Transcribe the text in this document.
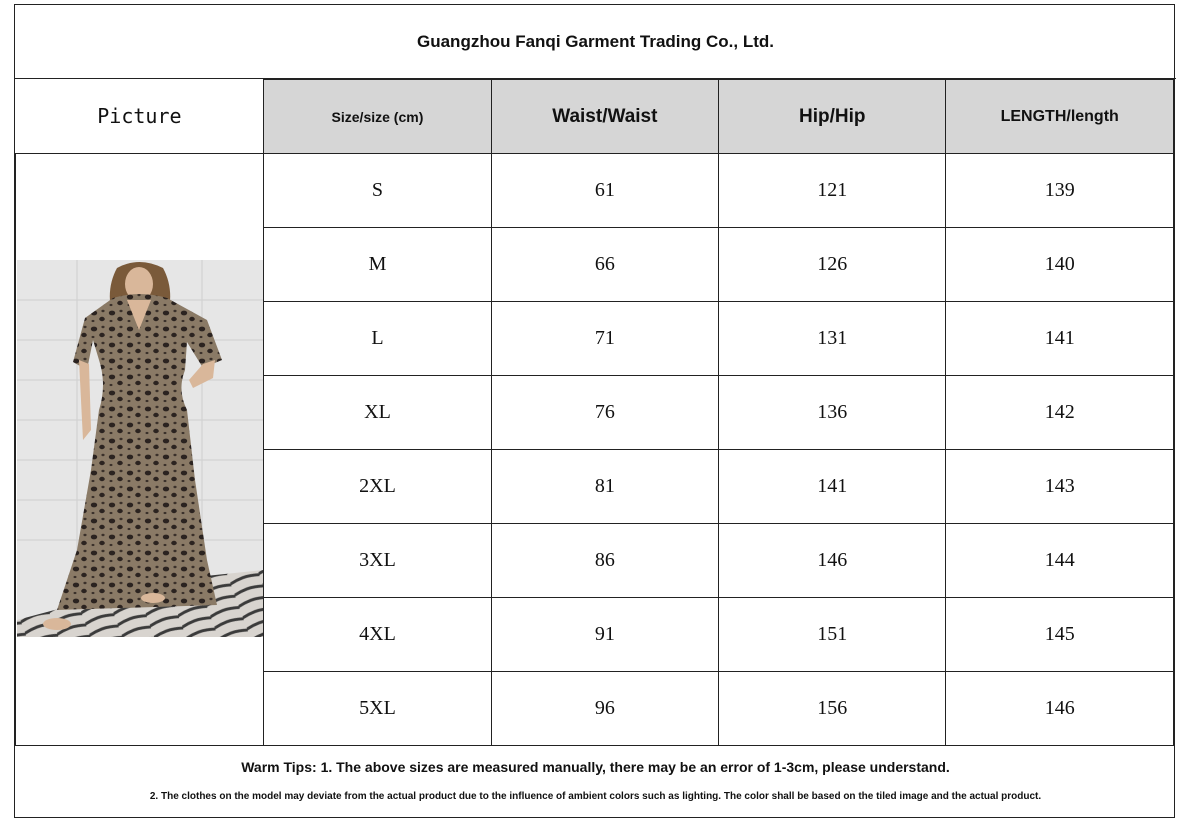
Guangzhou Fanqi Garment Trading Co., Ltd.
Picture	Size/size (cm)	Waist/Waist	Hip/Hip	LENGTH/length

	S	61	121	139
	M	66	126	140
	L	71	131	141
	XL	76	136	142
	2XL	81	141	143
	3XL	86	146	144
	4XL	91	151	145
	5XL	96	156	146
Warm Tips: 1. The above sizes are measured manually, there may be an error of 1-3cm, please understand.
2. The clothes on the model may deviate from the actual product due to the influence of ambient colors such as lighting. The color shall be based on the tiled image and the actual product.
